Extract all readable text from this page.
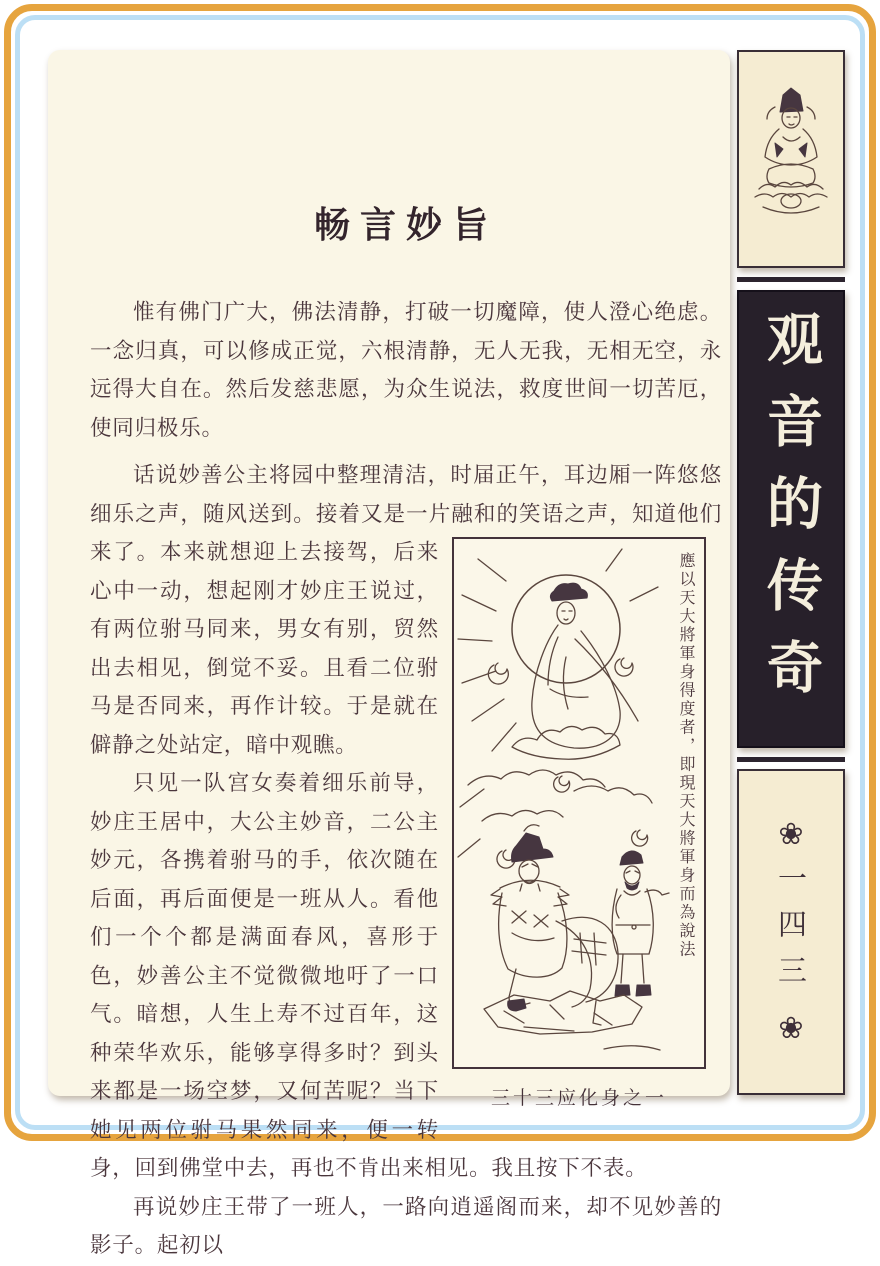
畅言妙旨

惟有佛门广大，佛法清静，打破一切魔障，使人澄心绝虑。一念归真，可以修成正觉，六根清静，无人无我，无相无空，永远得大自在。然后发慈悲愿，为众生说法，救度世间一切苦厄，使同归极乐。

话说妙善公主将园中整理清洁，时届正午，耳边厢一阵悠悠细乐之声，随风送到。接着又是一片融和的笑语之声，知道他们来了。本	應以天大將軍身得度者，即現天大將軍身而為說法
三十三应化身之一
来就想迎上去接驾，后来心中一动，想起刚才妙庄王说过，有两位驸马同来，男女有别，贸然出去相见，倒觉不妥。且看二位驸马是否同来，再作计较。于是就在僻静之处站定，暗中观瞧。

只见一队宫女奏着细乐前导，妙庄王居中，大公主妙音，二公主妙元，各携着驸马的手，依次随在后面，再后面便是一班从人。看他们一个个都是满面春风，喜形于色，妙善公主不觉微微地吁了一口气。暗想，人生上寿不过百年，这种荣华欢乐，能够享得多时？到头来都是一场空梦，又何苦呢？当下她见两位驸马果然同来，便一转身，回到佛堂中去，再也不肯出来相见。我且按下不表。

再说妙庄王带了一班人，一路向逍遥阁而来，却不见妙善的影子。起初以

观音的传奇
❀
一四三
❀
